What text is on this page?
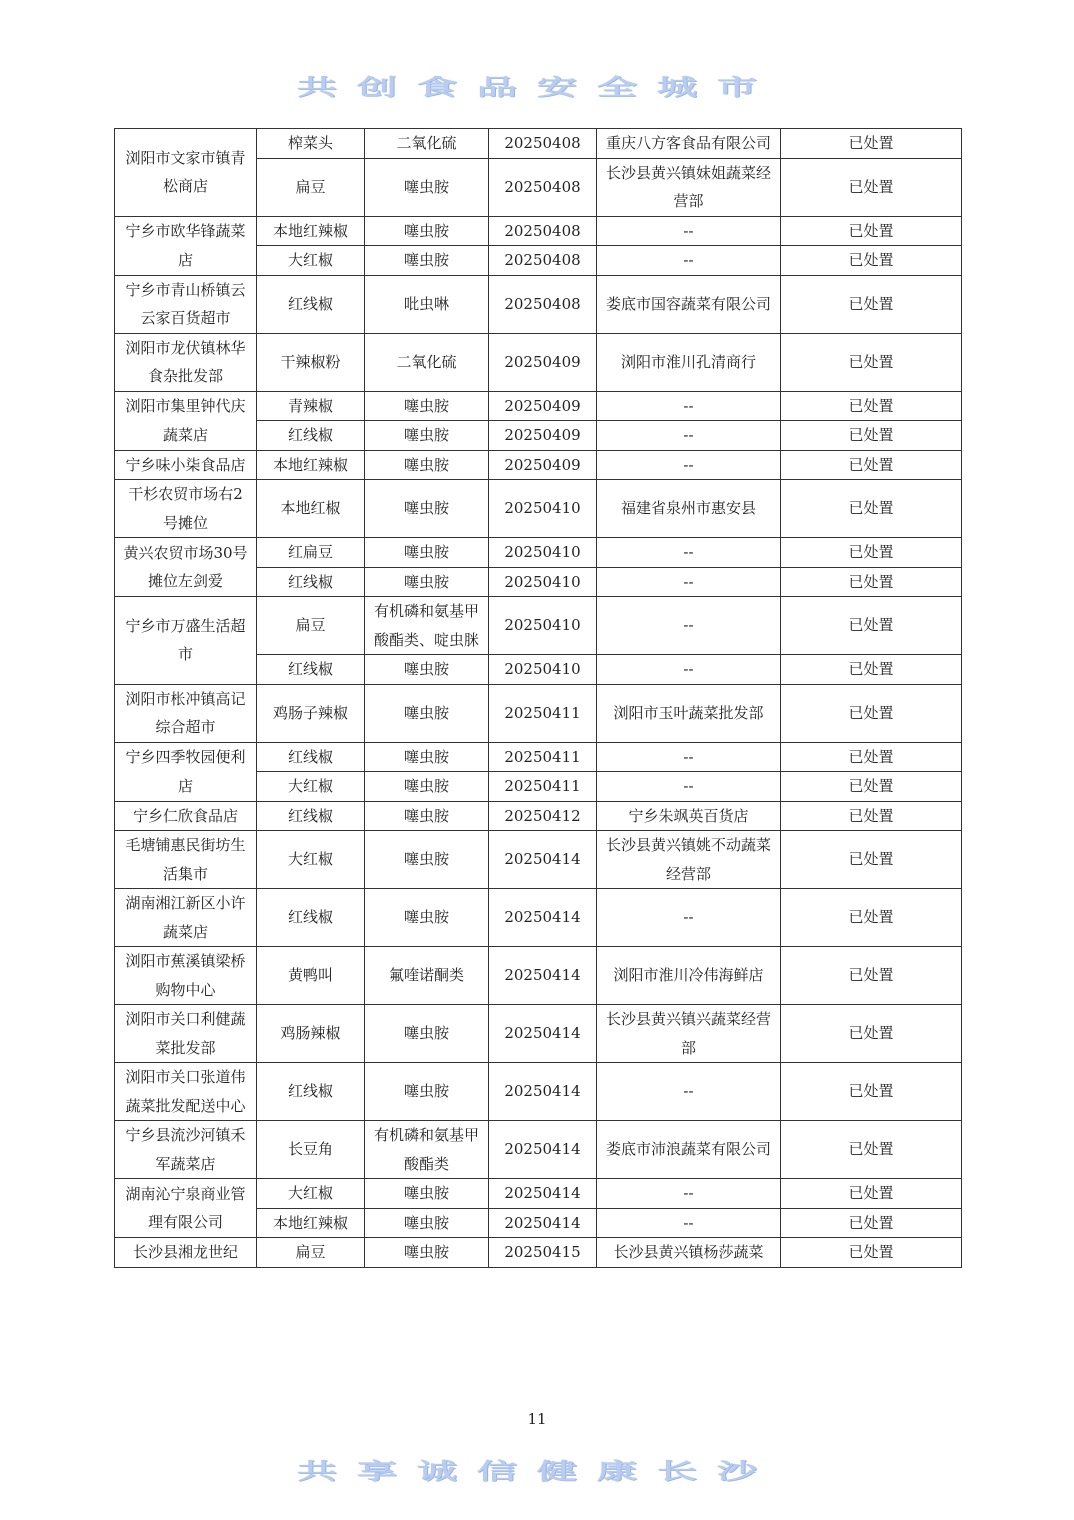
共创食品安全城市
浏阳市文家市镇青松商店	榨菜头	二氧化硫	20250408	重庆八方客食品有限公司	已处置
	扁豆	噻虫胺	20250408	长沙县黄兴镇妹姐蔬菜经营部	已处置
宁乡市欧华锋蔬菜店	本地红辣椒	噻虫胺	20250408	--	已处置
	大红椒	噻虫胺	20250408	--	已处置
宁乡市青山桥镇云云家百货超市	红线椒	吡虫啉	20250408	娄底市国容蔬菜有限公司	已处置
浏阳市龙伏镇林华食杂批发部	干辣椒粉	二氧化硫	20250409	浏阳市淮川孔清商行	已处置
浏阳市集里钟代庆蔬菜店	青辣椒	噻虫胺	20250409	--	已处置
	红线椒	噻虫胺	20250409	--	已处置
宁乡味小柒食品店	本地红辣椒	噻虫胺	20250409	--	已处置
干杉农贸市场右2号摊位	本地红椒	噻虫胺	20250410	福建省泉州市惠安县	已处置
黄兴农贸市场30号摊位左剑爱	红扁豆	噻虫胺	20250410	--	已处置
	红线椒	噻虫胺	20250410	--	已处置
宁乡市万盛生活超市	扁豆	有机磷和氨基甲酸酯类、啶虫脒	20250410	--	已处置
	红线椒	噻虫胺	20250410	--	已处置
浏阳市枨冲镇高记综合超市	鸡肠子辣椒	噻虫胺	20250411	浏阳市玉叶蔬菜批发部	已处置
宁乡四季牧园便利店	红线椒	噻虫胺	20250411	--	已处置
	大红椒	噻虫胺	20250411	--	已处置
宁乡仁欣食品店	红线椒	噻虫胺	20250412	宁乡朱飒英百货店	已处置
毛塘铺惠民街坊生活集市	大红椒	噻虫胺	20250414	长沙县黄兴镇姚不动蔬菜经营部	已处置
湖南湘江新区小许蔬菜店	红线椒	噻虫胺	20250414	--	已处置
浏阳市蕉溪镇梁桥购物中心	黄鸭叫	氟喹诺酮类	20250414	浏阳市淮川冷伟海鲜店	已处置
浏阳市关口利健蔬菜批发部	鸡肠辣椒	噻虫胺	20250414	长沙县黄兴镇兴蔬菜经营部	已处置
浏阳市关口张道伟蔬菜批发配送中心	红线椒	噻虫胺	20250414	--	已处置
宁乡县流沙河镇禾军蔬菜店	长豆角	有机磷和氨基甲酸酯类	20250414	娄底市沛浪蔬菜有限公司	已处置
湖南沁宁泉商业管理有限公司	大红椒	噻虫胺	20250414	--	已处置
	本地红辣椒	噻虫胺	20250414	--	已处置
长沙县湘龙世纪	扁豆	噻虫胺	20250415	长沙县黄兴镇杨莎蔬菜	已处置
11
共享诚信健康长沙
